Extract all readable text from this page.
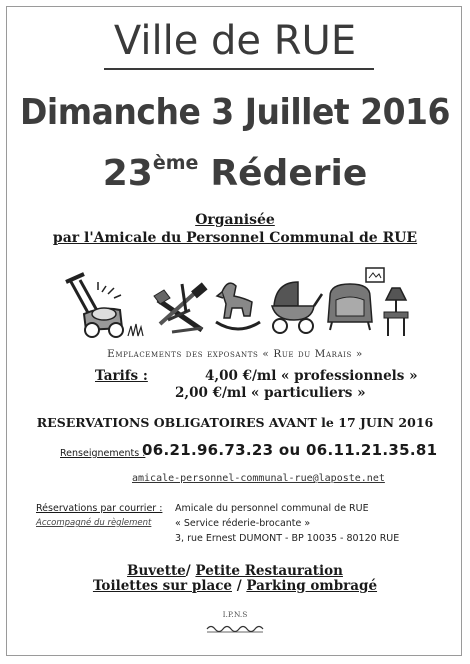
Ville de RUE
Dimanche 3 Juillet 2016
23ème Réderie
Organisée
par l'Amicale du Personnel Communal de RUE
Emplacements des exposants « Rue du Marais »
Tarifs :	4,00 €/ml « professionnels »
2,00 €/ml « particuliers »
RESERVATIONS OBLIGATOIRES AVANT le 17 JUIN 2016
Renseignements :
06.21.96.73.23 ou 06.11.21.35.81
amicale-personnel-communal-rue@laposte.net
Réservations par courrier :
Accompagné du règlement
Amicale du personnel communal de RUE
« Service réderie-brocante »
3, rue Ernest DUMONT - BP 10035 - 80120 RUE
Buvette/ Petite Restauration
Toilettes sur place / Parking ombragé
I.P.N.S
